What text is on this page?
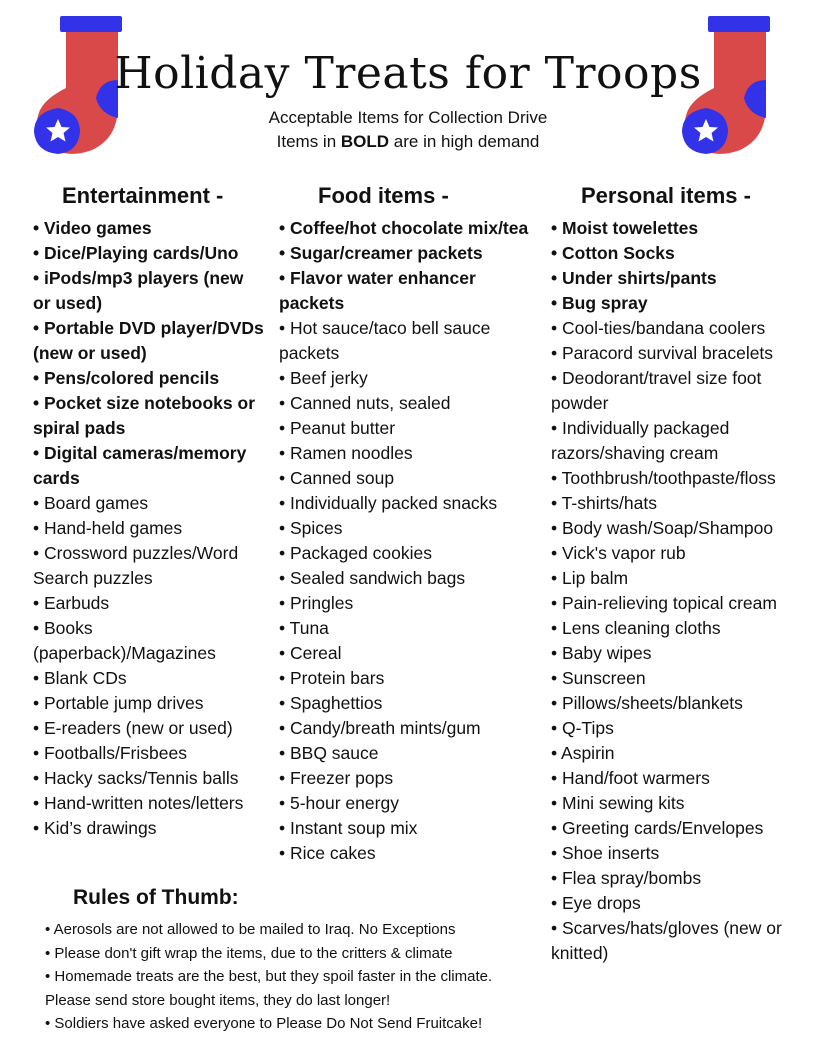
Holiday Treats for Troops
Acceptable Items for Collection Drive
Items in BOLD are in high demand
Entertainment -	Food items -	Personal items -
• Video games
• Dice/Playing cards/Uno
• iPods/mp3 players (new or used)
• Portable DVD player/DVDs (new or used)
• Pens/colored pencils
• Pocket size notebooks or spiral pads
• Digital cameras/memory cards
• Board games
• Hand-held games
• Crossword puzzles/Word Search puzzles
• Earbuds
• Books (paperback)/Magazines
• Blank CDs
• Portable jump drives
• E-readers (new or used)
• Footballs/Frisbees
• Hacky sacks/Tennis balls
• Hand-written notes/letters
• Kid’s drawings
• Coffee/hot chocolate mix/tea
• Sugar/creamer packets
• Flavor water enhancer packets
• Hot sauce/taco bell sauce packets
• Beef jerky
• Canned nuts, sealed
• Peanut butter
• Ramen noodles
• Canned soup
• Individually packed snacks
• Spices
• Packaged cookies
• Sealed sandwich bags
• Pringles
• Tuna
• Cereal
• Protein bars
• Spaghettios
• Candy/breath mints/gum
• BBQ sauce
• Freezer pops
• 5-hour energy
• Instant soup mix
• Rice cakes
• Moist towelettes
• Cotton Socks
• Under shirts/pants
• Bug spray
• Cool-ties/bandana coolers
• Paracord survival bracelets
• Deodorant/travel size foot powder
• Individually packaged razors/shaving cream
• Toothbrush/toothpaste/floss
• T-shirts/hats
• Body wash/Soap/Shampoo
• Vick's vapor rub
• Lip balm
• Pain-relieving topical cream
• Lens cleaning cloths
• Baby wipes
• Sunscreen
• Pillows/sheets/blankets
• Q-Tips
• Aspirin
• Hand/foot warmers
• Mini sewing kits
• Greeting cards/Envelopes
• Shoe inserts
• Flea spray/bombs
• Eye drops
• Scarves/hats/gloves (new or knitted)
Rules of Thumb:
• Aerosols are not allowed to be mailed to Iraq. No Exceptions
• Please don't gift wrap the items, due to the critters & climate
• Homemade treats are the best, but they spoil faster in the climate. Please send store bought items, they do last longer!
• Soldiers have asked everyone to Please Do Not Send Fruitcake!
